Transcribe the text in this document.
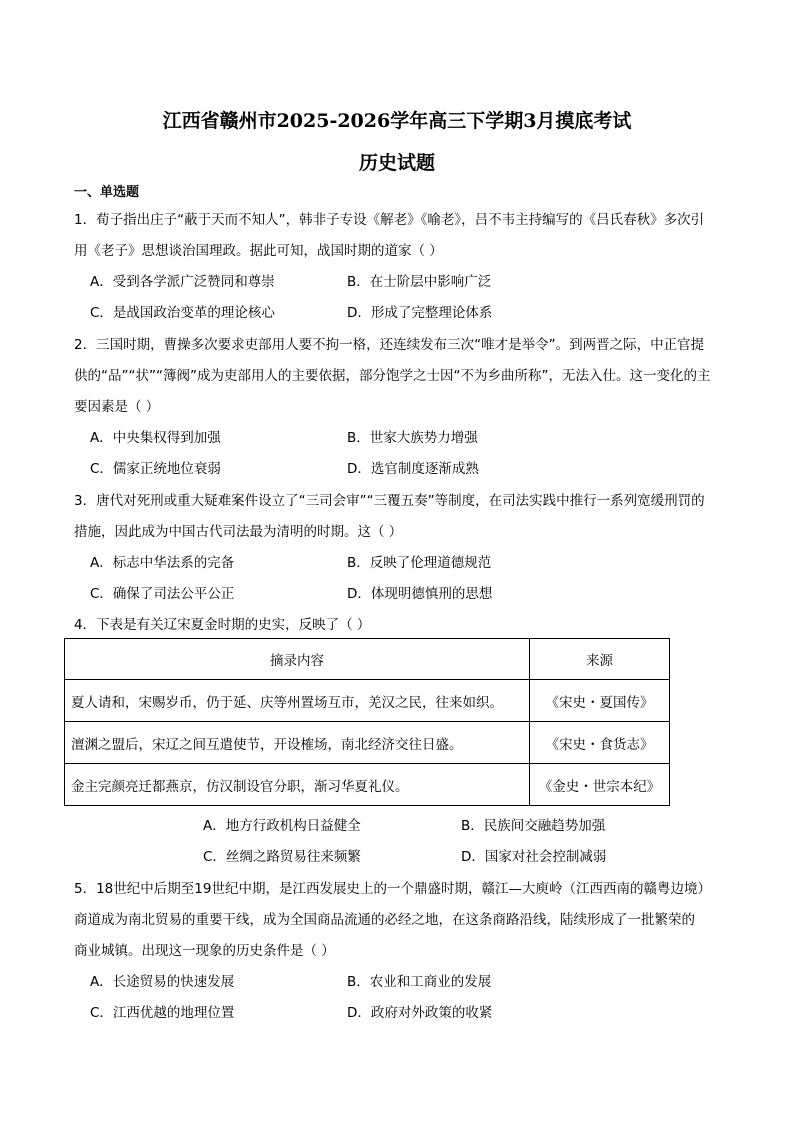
江西省赣州市2025-2026学年高三下学期3月摸底考试
历史试题
一、单选题
1．荀子指出庄子“蔽于天而不知人”，韩非子专设《解老》《喻老》，吕不韦主持编写的《吕氏春秋》多次引
用《老子》思想谈治国理政。据此可知，战国时期的道家（ ）
A．受到各学派广泛赞同和尊崇	B．在士阶层中影响广泛
C．是战国政治变革的理论核心	D．形成了完整理论体系
2．三国时期，曹操多次要求吏部用人要不拘一格，还连续发布三次“唯才是举令”。到两晋之际，中正官提
供的“品”“状”“簿阀”成为吏部用人的主要依据，部分饱学之士因“不为乡曲所称”，无法入仕。这一变化的主
要因素是（ ）
A．中央集权得到加强	B．世家大族势力增强
C．儒家正统地位衰弱	D．选官制度逐渐成熟
3．唐代对死刑或重大疑难案件设立了“三司会审”“三覆五奏”等制度，在司法实践中推行一系列宽缓刑罚的
措施，因此成为中国古代司法最为清明的时期。这（ ）
A．标志中华法系的完备	B．反映了伦理道德规范
C．确保了司法公平公正	D．体现明德慎刑的思想
4．下表是有关辽宋夏金时期的史实，反映了（ ）
摘录内容	来源
夏人请和，宋赐岁币，仍于延、庆等州置场互市，羌汉之民，往来如织。	《宋史・夏国传》
澶渊之盟后，宋辽之间互遣使节，开设榷场，南北经济交往日盛。	《宋史・食货志》
金主完颜亮迁都燕京，仿汉制设官分职，渐习华夏礼仪。	《金史・世宗本纪》
A．地方行政机构日益健全	B．民族间交融趋势加强
C．丝绸之路贸易往来频繁	D．国家对社会控制减弱
5．18世纪中后期至19世纪中期，是江西发展史上的一个鼎盛时期，赣江—大庾岭（江西西南的赣粤边境）
商道成为南北贸易的重要干线，成为全国商品流通的必经之地，在这条商路沿线，陆续形成了一批繁荣的
商业城镇。出现这一现象的历史条件是（ ）
A．长途贸易的快速发展	B．农业和工商业的发展
C．江西优越的地理位置	D．政府对外政策的收紧
